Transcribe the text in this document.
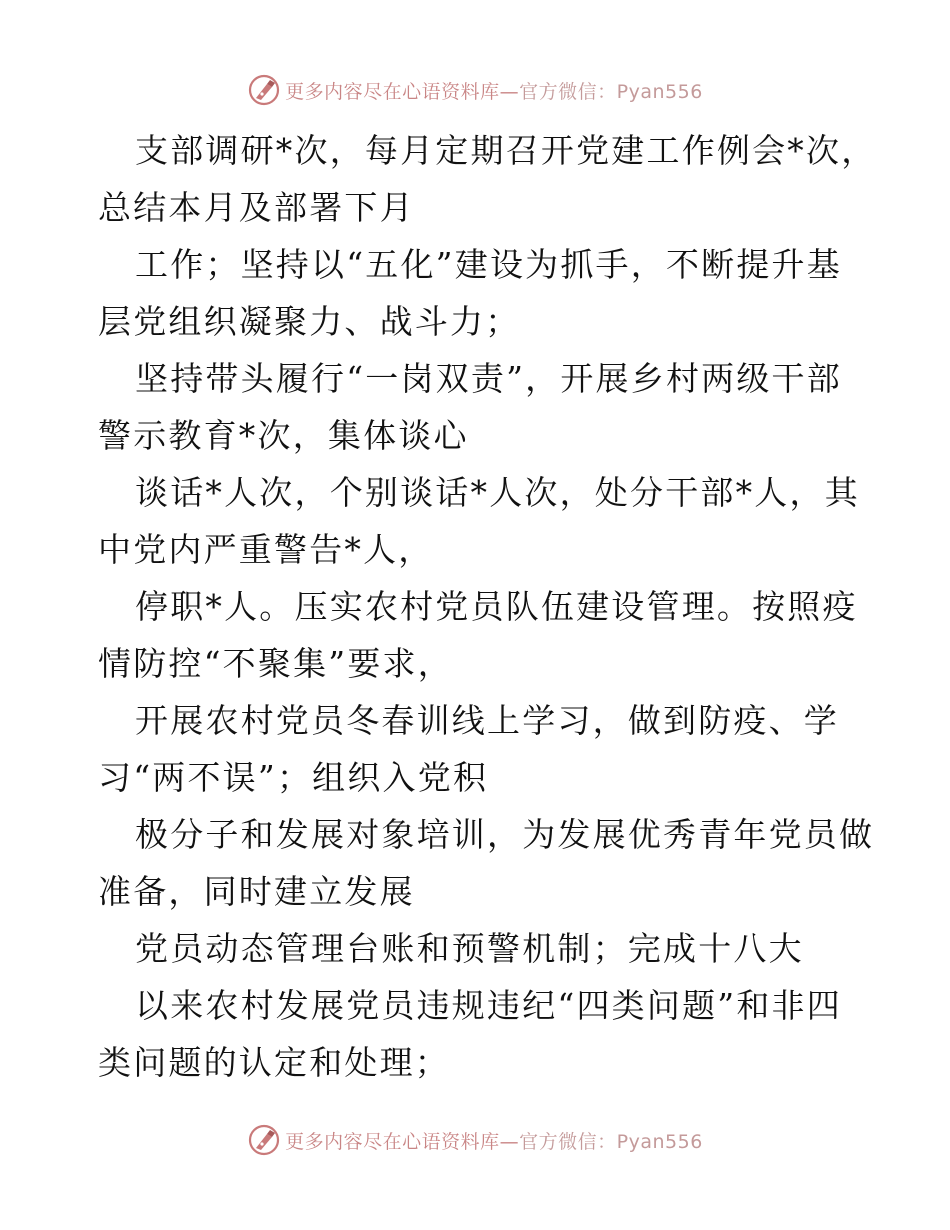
更多内容尽在心语资料库—官方微信：Pyan556

支部调研*次，每月定期召开党建工作例会*次，
总结本月及部署下月

工作；坚持以“五化”建设为抓手，不断提升基
层党组织凝聚力、战斗力；

坚持带头履行“一岗双责”，开展乡村两级干部
警示教育*次，集体谈心

谈话*人次，个别谈话*人次，处分干部*人，其
中党内严重警告*人，

停职*人。压实农村党员队伍建设管理。按照疫
情防控“不聚集”要求，

开展农村党员冬春训线上学习，做到防疫、学
习“两不误”；组织入党积

极分子和发展对象培训，为发展优秀青年党员做
准备，同时建立发展

党员动态管理台账和预警机制；完成十八大

以来农村发展党员违规违纪“四类问题”和非四
类问题的认定和处理；

更多内容尽在心语资料库—官方微信：Pyan556
